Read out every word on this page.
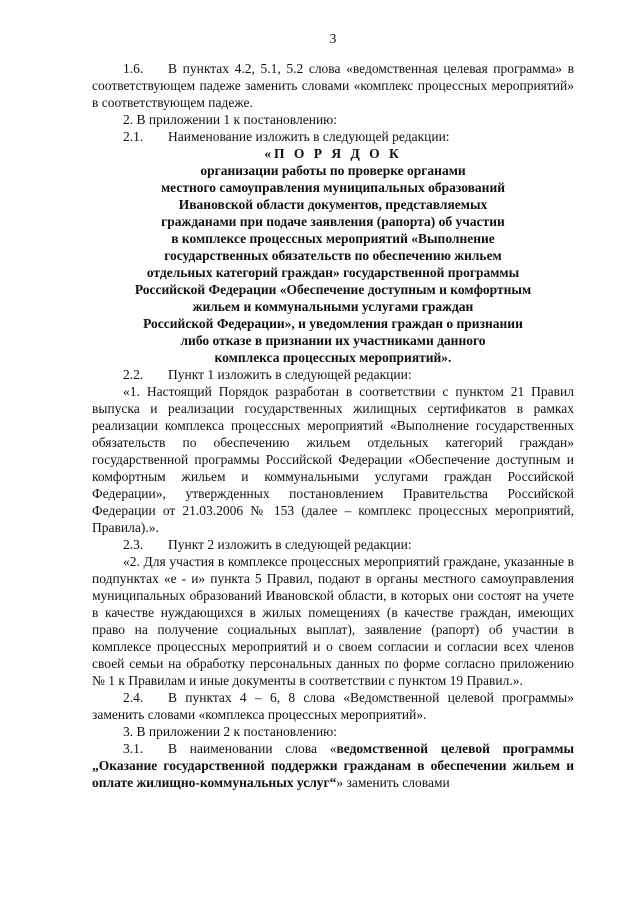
3

1.6. В пунктах 4.2, 5.1, 5.2 слова «ведомственная целевая программа» в соответствующем падеже заменить словами «комплекс процессных мероприятий» в соответствующем падеже.

2. В приложении 1 к постановлению:

2.1. Наименование изложить в следующей редакции:

«П О Р Я Д О К

организации работы по проверке органами

местного самоуправления муниципальных образований

Ивановской области документов, представляемых

гражданами при подаче заявления (рапорта) об участии

в комплексе процессных мероприятий «Выполнение

государственных обязательств по обеспечению жильем

отдельных категорий граждан» государственной программы

Российской Федерации «Обеспечение доступным и комфортным

жильем и коммунальными услугами граждан

Российской Федерации», и уведомления граждан о признании

либо отказе в признании их участниками данного

комплекса процессных мероприятий».

2.2. Пункт 1 изложить в следующей редакции:

«1. Настоящий Порядок разработан в соответствии с пунктом 21 Правил выпуска и реализации государственных жилищных сертификатов в рамках реализации комплекса процессных мероприятий «Выполнение государственных обязательств по обеспечению жильем отдельных категорий граждан» государственной программы Российской Федерации «Обеспечение доступным и комфортным жильем и коммунальными услугами граждан Российской Федерации», утвержденных постановлением Правительства Российской Федерации от 21.03.2006 № 153 (далее – комплекс процессных мероприятий, Правила).».

2.3. Пункт 2 изложить в следующей редакции:

«2. Для участия в комплексе процессных мероприятий граждане, указанные в подпунктах «е - и» пункта 5 Правил, подают в органы местного самоуправления муниципальных образований Ивановской области, в которых они состоят на учете в качестве нуждающихся в жилых помещениях (в качестве граждан, имеющих право на получение социальных выплат), заявление (рапорт) об участии в комплексе процессных мероприятий и о своем согласии и согласии всех членов своей семьи на обработку персональных данных по форме согласно приложению № 1 к Правилам и иные документы в соответствии с пунктом 19 Правил.».

2.4. В пунктах 4 – 6, 8 слова «Ведомственной целевой программы» заменить словами «комплекса процессных мероприятий».

3. В приложении 2 к постановлению:

3.1. В наименовании слова «ведомственной целевой программы „Оказание государственной поддержки гражданам в обеспечении жильем и оплате жилищно-коммунальных услуг“» заменить словами
